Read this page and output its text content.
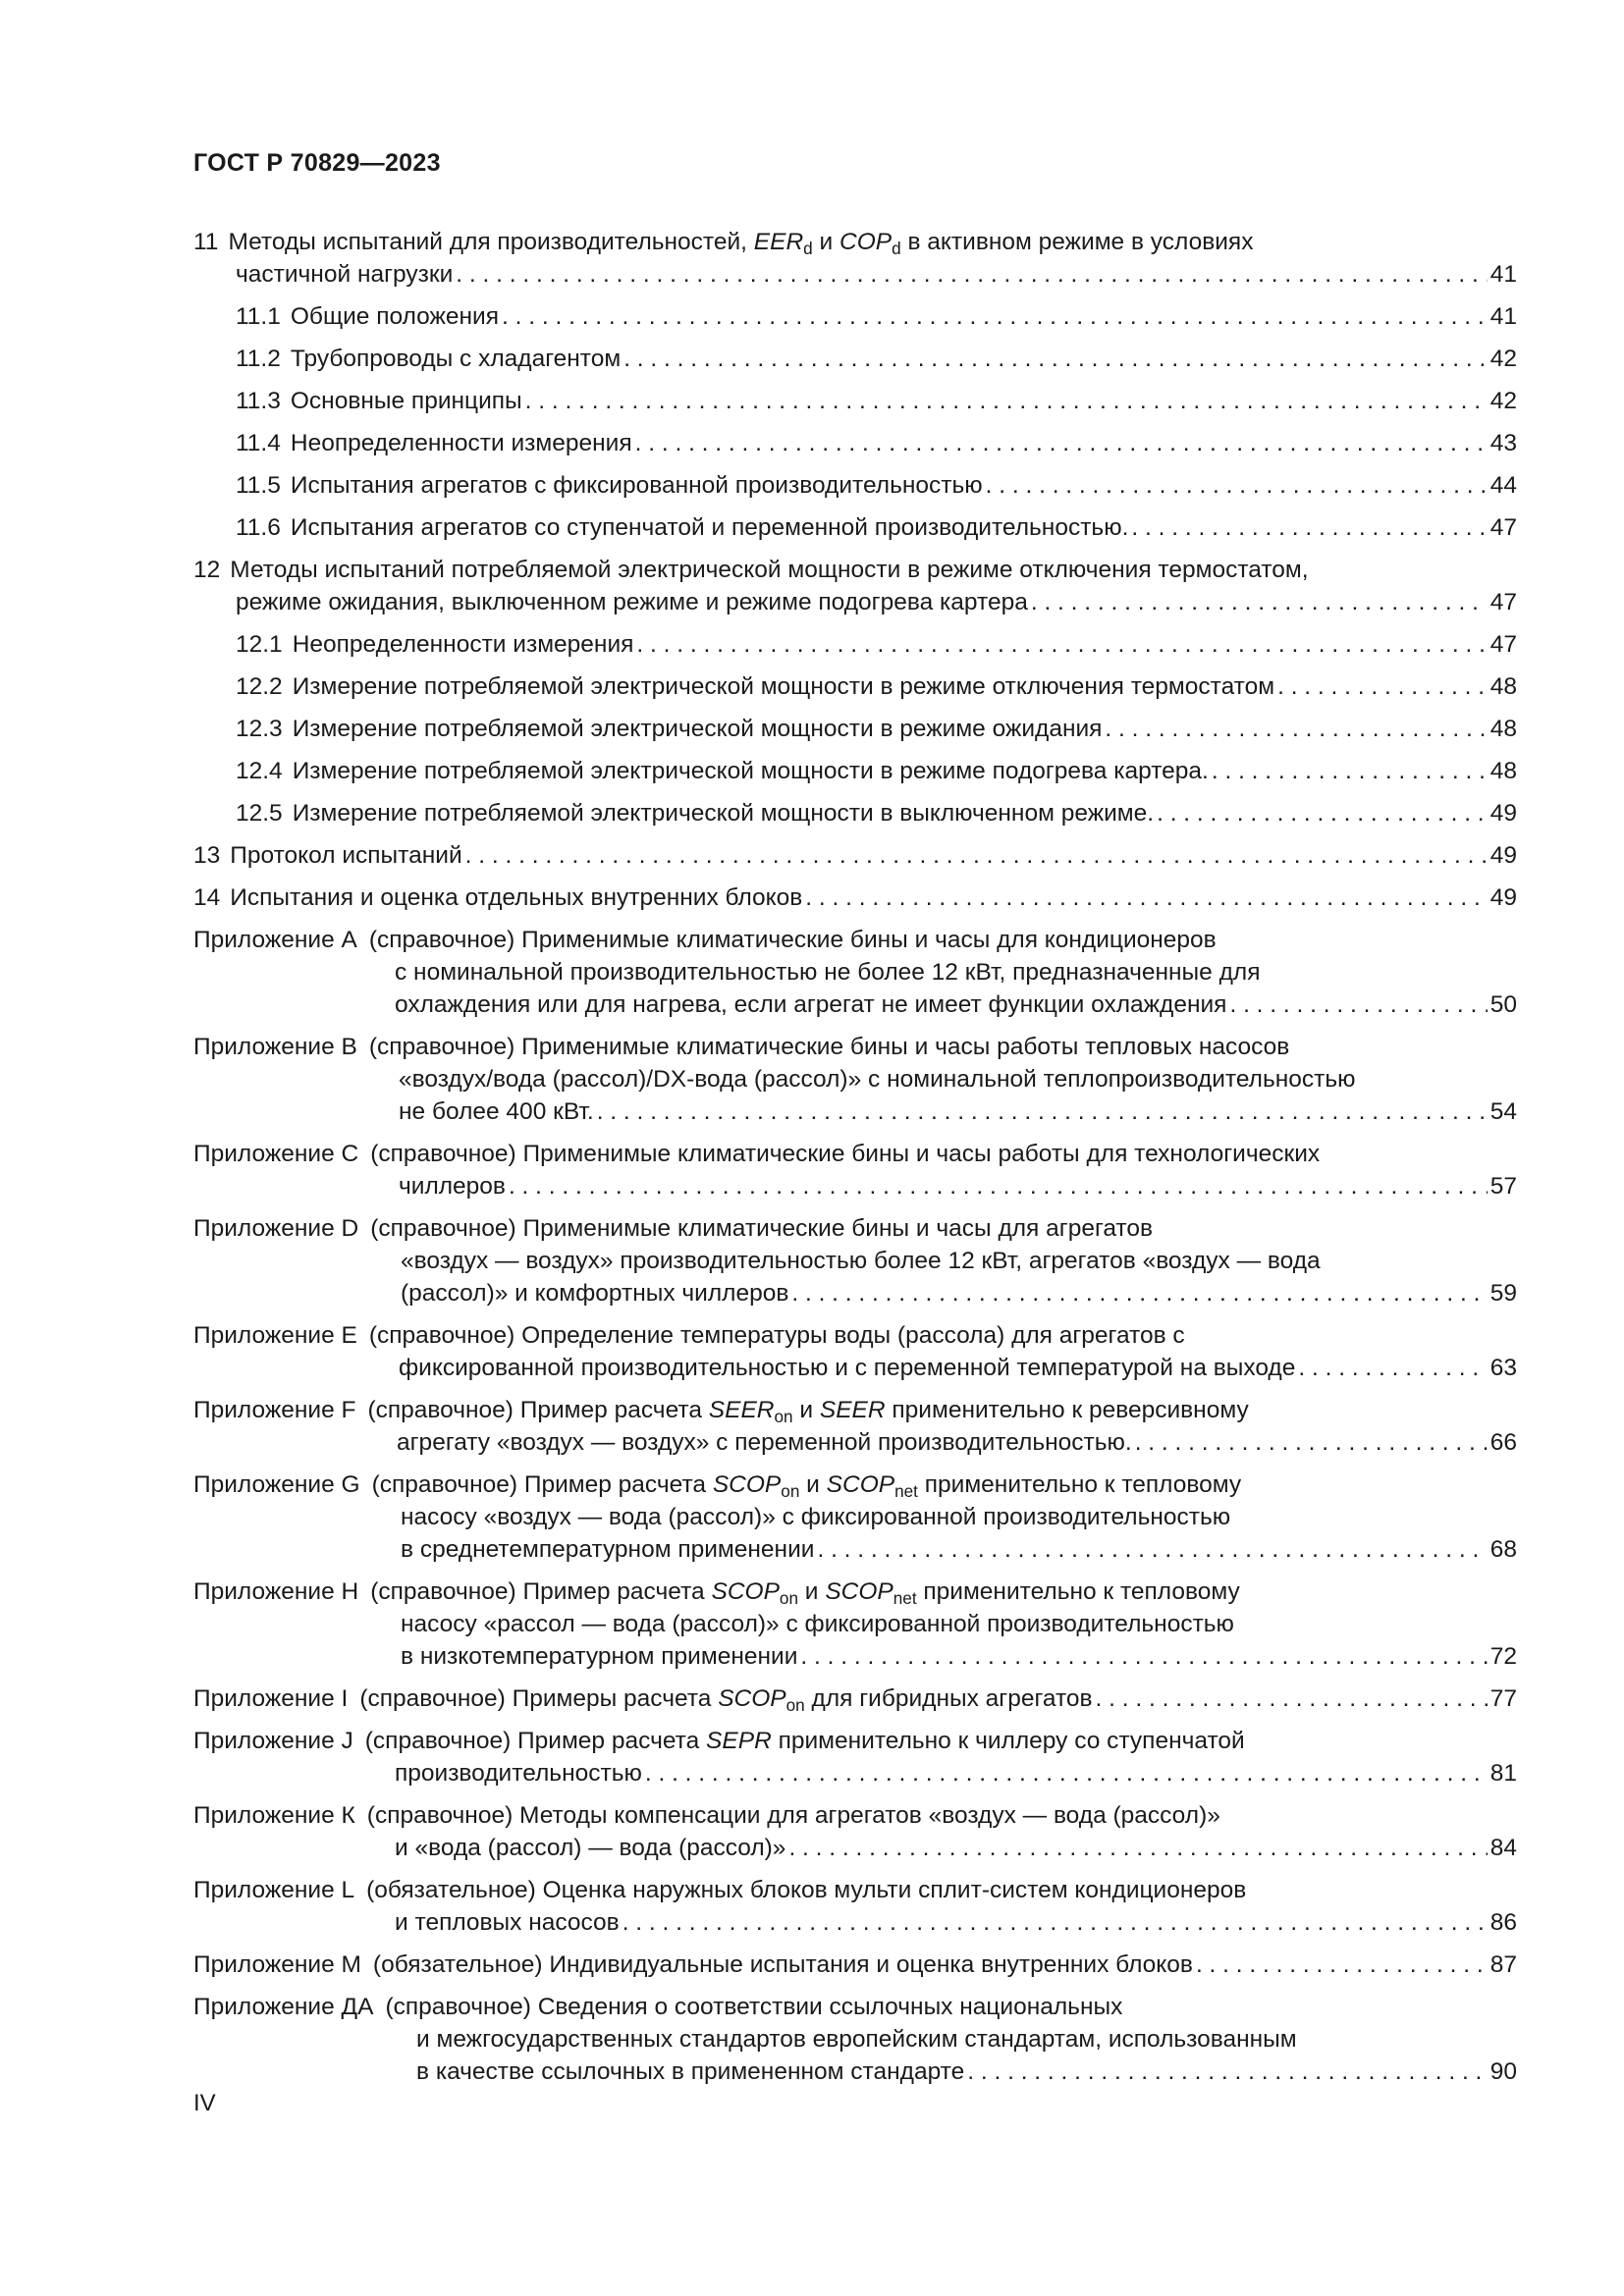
ГОСТ Р 70829—2023
11 Методы испытаний для производительностей, $EER_d$ и $COP_d$ в активном режиме в условиях
частичной нагрузки . . .	41
11.1 Общие положения . . .	41
11.2 Трубопроводы с хладагентом . . .	42
11.3 Основные принципы . . .	42
11.4 Неопределенности измерения . . .	43
11.5 Испытания агрегатов с фиксированной производительностью . . .	44
11.6 Испытания агрегатов со ступенчатой и переменной производительностью. . . .	47
12 Методы испытаний потребляемой электрической мощности в режиме отключения термостатом,
режиме ожидания, выключенном режиме и режиме подогрева картера . . .	47
12.1 Неопределенности измерения . . .	47
12.2 Измерение потребляемой электрической мощности в режиме отключения термостатом . . .	48
12.3 Измерение потребляемой электрической мощности в режиме ожидания . . .	48
12.4 Измерение потребляемой электрической мощности в режиме подогрева картера. . . .	48
12.5 Измерение потребляемой электрической мощности в выключенном режиме. . . .	49
13 Протокол испытаний . . .	49
14 Испытания и оценка отдельных внутренних блоков . . .	49
Приложение А (справочное) Применимые климатические бины и часы для кондиционеров
с номинальной производительностью не более 12 кВт, предназначенные для
охлаждения или для нагрева, если агрегат не имеет функции охлаждения . . .	50
Приложение В (справочное) Применимые климатические бины и часы работы тепловых насосов
«воздух/вода (рассол)/DX-вода (рассол)» с номинальной теплопроизводительностью
не более 400 кВт. . . .	54
Приложение С (справочное) Применимые климатические бины и часы работы для технологических
чиллеров . . .	57
Приложение D (справочное) Применимые климатические бины и часы для агрегатов
«воздух — воздух» производительностью более 12 кВт, агрегатов «воздух — вода
(рассол)» и комфортных чиллеров . . .	59
Приложение Е (справочное) Определение температуры воды (рассола) для агрегатов с
фиксированной производительностью и с переменной температурой на выходе . . .	63
Приложение F (справочное) Пример расчета $SEER_{on}$ и SEER применительно к реверсивному
агрегату «воздух — воздух» с переменной производительностью. . . .	66
Приложение G (справочное) Пример расчета $SCOP_{on}$ и $SCOP_{net}$ применительно к тепловому
насосу «воздух — вода (рассол)» с фиксированной производительностью
в среднетемпературном применении . . .	68
Приложение Н (справочное) Пример расчета $SCOP_{on}$ и $SCOP_{net}$ применительно к тепловому
насосу «рассол — вода (рассол)» с фиксированной производительностью
в низкотемпературном применении . . .	72
Приложение I (справочное) Примеры расчета $SCOP_{on}$ для гибридных агрегатов . . .	77
Приложение J (справочное) Пример расчета SEPR применительно к чиллеру со ступенчатой
производительностью . . .	81
Приложение К (справочное) Методы компенсации для агрегатов «воздух — вода (рассол)»
и «вода (рассол) — вода (рассол)» . . .	84
Приложение L (обязательное) Оценка наружных блоков мульти сплит-систем кондиционеров
и тепловых насосов . . .	86
Приложение М (обязательное) Индивидуальные испытания и оценка внутренних блоков . . .	87
Приложение ДА (справочное) Сведения о соответствии ссылочных национальных
и межгосударственных стандартов европейским стандартам, использованным
в качестве ссылочных в примененном стандарте . . .	90
IV
